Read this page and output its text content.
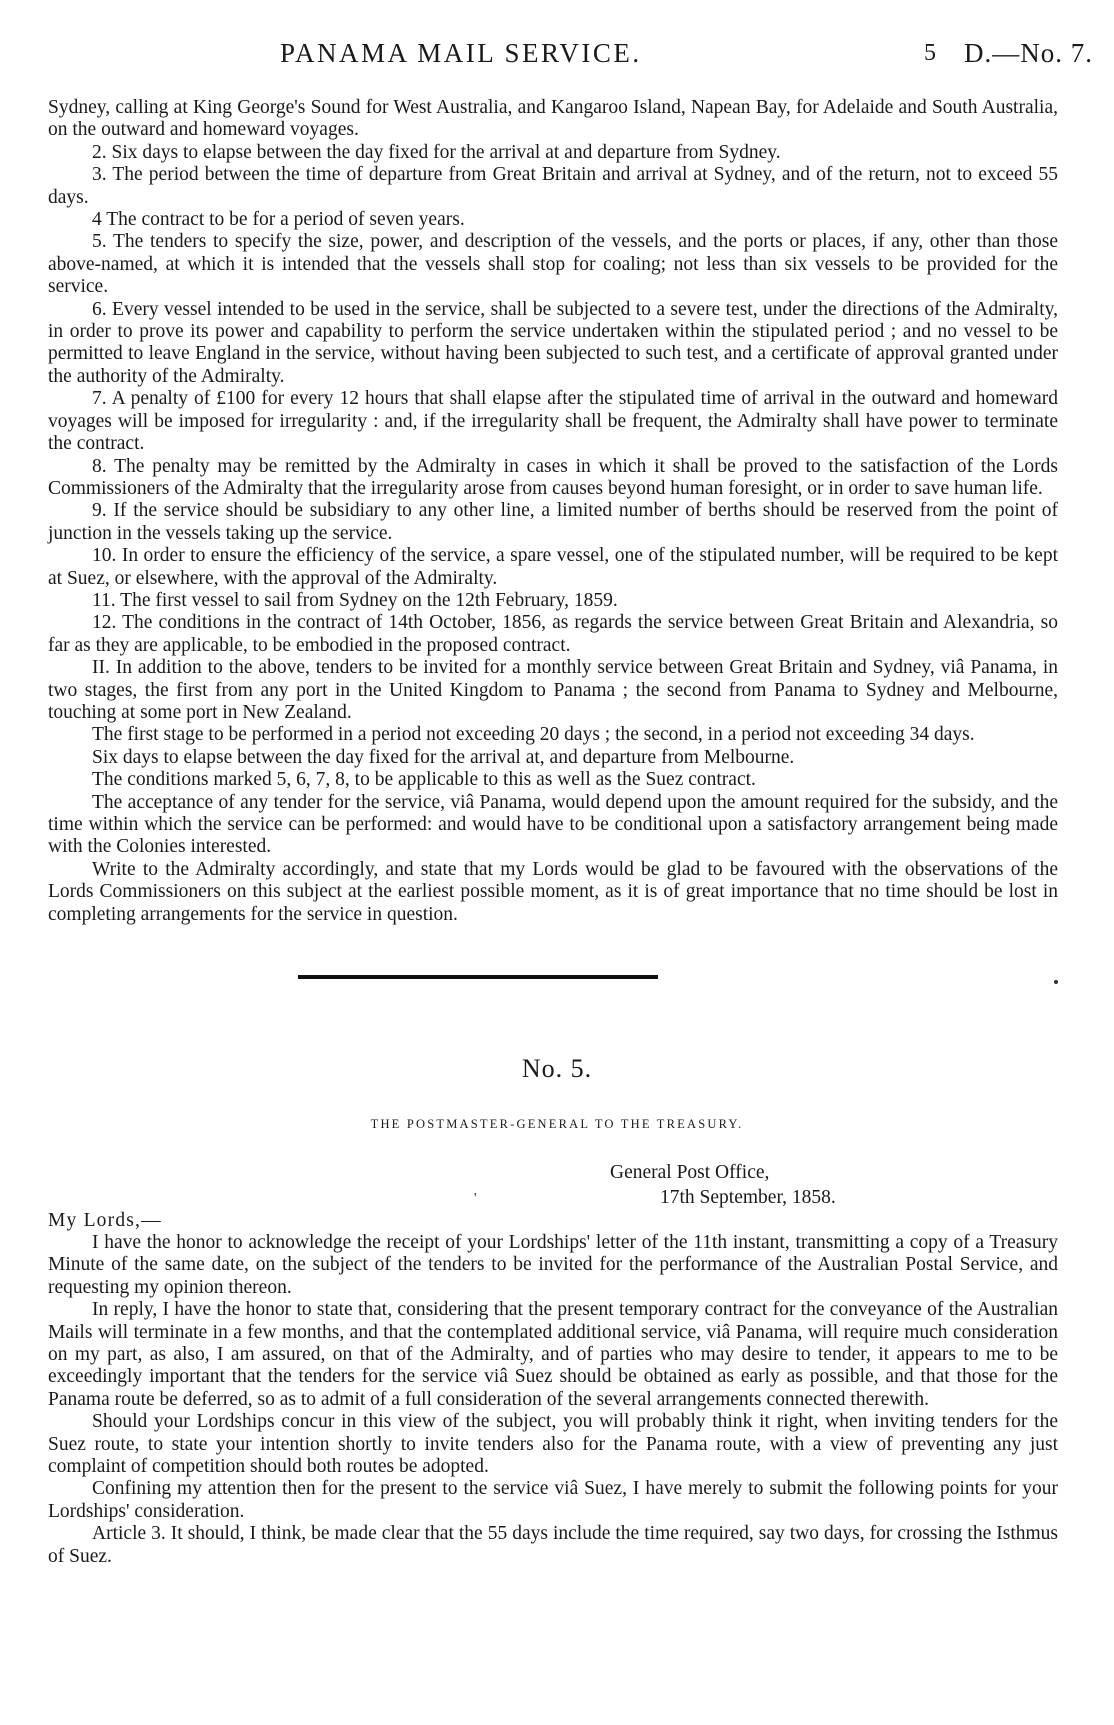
PANAMA MAIL SERVICE.	5 D.—No. 7.

Sydney, calling at King George's Sound for West Australia, and Kangaroo Island, Napean Bay, for Adelaide and South Australia, on the outward and homeward voyages.

2. Six days to elapse between the day fixed for the arrival at and departure from Sydney.

3. The period between the time of departure from Great Britain and arrival at Sydney, and of the return, not to exceed 55 days.

4 The contract to be for a period of seven years.

5. The tenders to specify the size, power, and description of the vessels, and the ports or places, if any, other than those above-named, at which it is intended that the vessels shall stop for coaling; not less than six vessels to be provided for the service.

6. Every vessel intended to be used in the service, shall be subjected to a severe test, under the directions of the Admiralty, in order to prove its power and capability to perform the service undertaken within the stipulated period ; and no vessel to be permitted to leave England in the service, without having been subjected to such test, and a certificate of approval granted under the authority of the Admiralty.

7. A penalty of £100 for every 12 hours that shall elapse after the stipulated time of arrival in the outward and homeward voyages will be imposed for irregularity : and, if the irregularity shall be frequent, the Admiralty shall have power to terminate the contract.

8. The penalty may be remitted by the Admiralty in cases in which it shall be proved to the satisfaction of the Lords Commissioners of the Admiralty that the irregularity arose from causes beyond human foresight, or in order to save human life.

9. If the service should be subsidiary to any other line, a limited number of berths should be reserved from the point of junction in the vessels taking up the service.

10. In order to ensure the efficiency of the service, a spare vessel, one of the stipulated number, will be required to be kept at Suez, or elsewhere, with the approval of the Admiralty.

11. The first vessel to sail from Sydney on the 12th February, 1859.

12. The conditions in the contract of 14th October, 1856, as regards the service between Great Britain and Alexandria, so far as they are applicable, to be embodied in the proposed contract.

II. In addition to the above, tenders to be invited for a monthly service between Great Britain and Sydney, viâ Panama, in two stages, the first from any port in the United Kingdom to Panama ; the second from Panama to Sydney and Melbourne, touching at some port in New Zealand.

The first stage to be performed in a period not exceeding 20 days ; the second, in a period not exceeding 34 days.

Six days to elapse between the day fixed for the arrival at, and departure from Melbourne.

The conditions marked 5, 6, 7, 8, to be applicable to this as well as the Suez contract.

The acceptance of any tender for the service, viâ Panama, would depend upon the amount required for the subsidy, and the time within which the service can be performed: and would have to be conditional upon a satisfactory arrangement being made with the Colonies interested.

Write to the Admiralty accordingly, and state that my Lords would be glad to be favoured with the observations of the Lords Commissioners on this subject at the earliest possible moment, as it is of great importance that no time should be lost in completing arrangements for the service in question.

No. 5.
THE POSTMASTER-GENERAL TO THE TREASURY.
General Post Office,
'	17th September, 1858.
My Lords,—

I have the honor to acknowledge the receipt of your Lordships' letter of the 11th instant, transmitting a copy of a Treasury Minute of the same date, on the subject of the tenders to be invited for the performance of the Australian Postal Service, and requesting my opinion thereon.

In reply, I have the honor to state that, considering that the present temporary contract for the conveyance of the Australian Mails will terminate in a few months, and that the contemplated additional service, viâ Panama, will require much consideration on my part, as also, I am assured, on that of the Admiralty, and of parties who may desire to tender, it appears to me to be exceedingly important that the tenders for the service viâ Suez should be obtained as early as possible, and that those for the Panama route be deferred, so as to admit of a full consideration of the several arrangements connected therewith.

Should your Lordships concur in this view of the subject, you will probably think it right, when inviting tenders for the Suez route, to state your intention shortly to invite tenders also for the Panama route, with a view of preventing any just complaint of competition should both routes be adopted.

Confining my attention then for the present to the service viâ Suez, I have merely to submit the following points for your Lordships' consideration.

Article 3. It should, I think, be made clear that the 55 days include the time required, say two days, for crossing the Isthmus of Suez.
